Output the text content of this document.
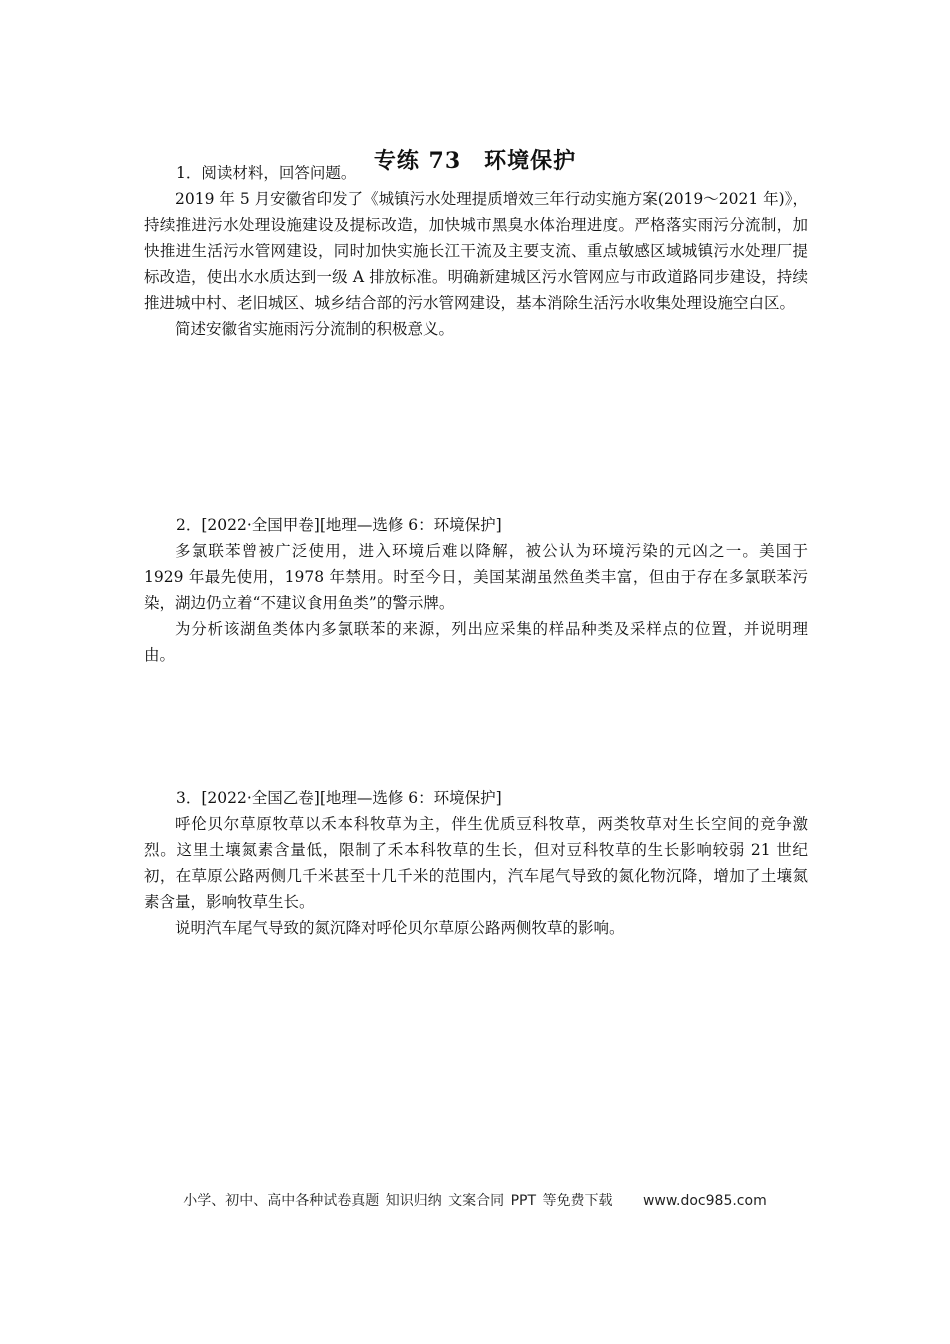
专练 73　环境保护

1．阅读材料，回答问题。

2019 年 5 月安徽省印发了《城镇污水处理提质增效三年行动实施方案(2019～2021 年)》，持续推进污水处理设施建设及提标改造，加快城市黑臭水体治理进度。严格落实雨污分流制，加快推进生活污水管网建设，同时加快实施长江干流及主要支流、重点敏感区域城镇污水处理厂提标改造，使出水水质达到一级 A 排放标准。明确新建城区污水管网应与市政道路同步建设，持续推进城中村、老旧城区、城乡结合部的污水管网建设，基本消除生活污水收集处理设施空白区。

简述安徽省实施雨污分流制的积极意义。

2．[2022·全国甲卷][地理—选修 6：环境保护]

多氯联苯曾被广泛使用，进入环境后难以降解，被公认为环境污染的元凶之一。美国于 1929 年最先使用，1978 年禁用。时至今日，美国某湖虽然鱼类丰富，但由于存在多氯联苯污染，湖边仍立着“不建议食用鱼类”的警示牌。

为分析该湖鱼类体内多氯联苯的来源，列出应采集的样品种类及采样点的位置，并说明理由。

3．[2022·全国乙卷][地理—选修 6：环境保护]

呼伦贝尔草原牧草以禾本科牧草为主，伴生优质豆科牧草，两类牧草对生长空间的竞争激烈。这里土壤氮素含量低，限制了禾本科牧草的生长，但对豆科牧草的生长影响较弱 21 世纪初，在草原公路两侧几千米甚至十几千米的范围内，汽车尾气导致的氮化物沉降，增加了土壤氮素含量，影响牧草生长。

说明汽车尾气导致的氮沉降对呼伦贝尔草原公路两侧牧草的影响。

小学、初中、高中各种试卷真题 知识归纳 文案合同 PPT 等免费下载 www.doc985.com
